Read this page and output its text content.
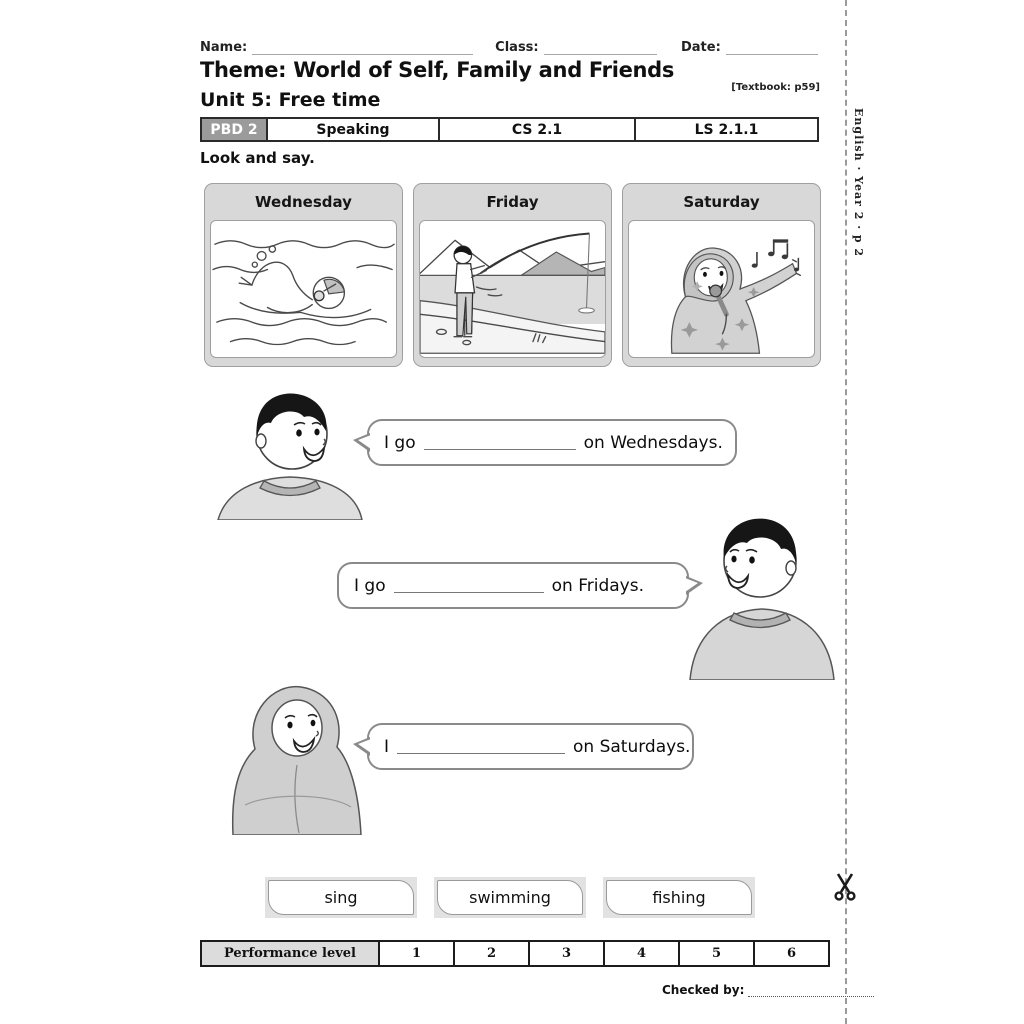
English · Year 2 · p 2
Name:	Class:	Date:
Theme: World of Self, Family and Friends
[Textbook: p59]
Unit 5: Free time
PBD 2	Speaking	CS 2.1	LS 2.1.1
Look and say.
Wednesday	Friday	Saturday
I go	on Wednesdays.
I go	on Fridays.
I	on Saturdays.
sing	swimming	fishing
Performance level	1	2	3	4	5	6
Checked by:
